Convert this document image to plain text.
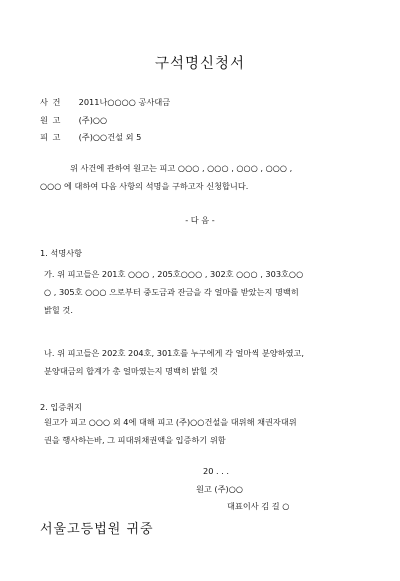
구석명신청서
사 건 2011나○○○○ 공사대금
원 고 (주)○○
피 고 (주)○○건설 외 5
위 사건에 관하여 원고는 피고 ○○○ , ○○○ , ○○○ , ○○○ ,
○○○ 에 대하여 다음 사항의 석명을 구하고자 신청합니다.
- 다 음 -
1. 석명사항
가. 위 피고들은 201호 ○○○ , 205호○○○ , 302호 ○○○ , 303호○○
○ , 305호 ○○○ 으로부터 중도금과 잔금을 각 얼마를 받았는지 명백히
밝힐 것.
나. 위 피고들은 202호 204호, 301호를 누구에게 각 얼마씩 분양하였고,
분양대금의 합계가 총 얼마였는지 명백히 밝힐 것
2. 입증취지
원고가 피고 ○○○ 외 4에 대해 피고 (주)○○건설을 대위해 채권자대위
권을 행사하는바, 그 피대위채권액을 입증하기 위함
20 . . .
원고 (주)○○
대표이사 김 길 ○
서울고등법원 귀중
